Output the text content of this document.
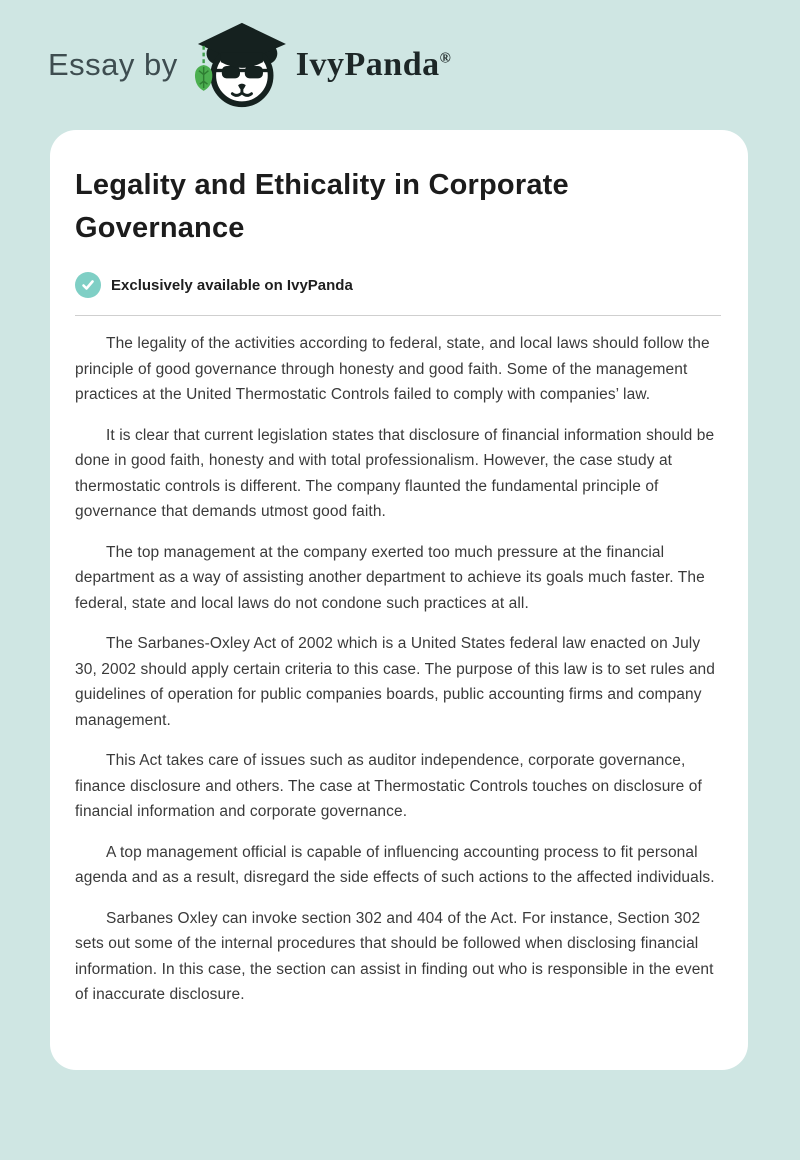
Essay by	IvyPanda®
Legality and Ethicality in Corporate Governance
Exclusively available on IvyPanda

The legality of the activities according to federal, state, and local laws should follow the principle of good governance through honesty and good faith. Some of the management practices at the United Thermostatic Controls failed to comply with companies’ law.

It is clear that current legislation states that disclosure of financial information should be done in good faith, honesty and with total professionalism. However, the case study at thermostatic controls is different. The company flaunted the fundamental principle of governance that demands utmost good faith.

The top management at the company exerted too much pressure at the financial department as a way of assisting another department to achieve its goals much faster. The federal, state and local laws do not condone such practices at all.

The Sarbanes-Oxley Act of 2002 which is a United States federal law enacted on July 30, 2002 should apply certain criteria to this case. The purpose of this law is to set rules and guidelines of operation for public companies boards, public accounting firms and company management.

This Act takes care of issues such as auditor independence, corporate governance, finance disclosure and others. The case at Thermostatic Controls touches on disclosure of financial information and corporate governance.

A top management official is capable of influencing accounting process to fit personal agenda and as a result, disregard the side effects of such actions to the affected individuals.

Sarbanes Oxley can invoke section 302 and 404 of the Act. For instance, Section 302 sets out some of the internal procedures that should be followed when disclosing financial information. In this case, the section can assist in finding out who is responsible in the event of inaccurate disclosure.
